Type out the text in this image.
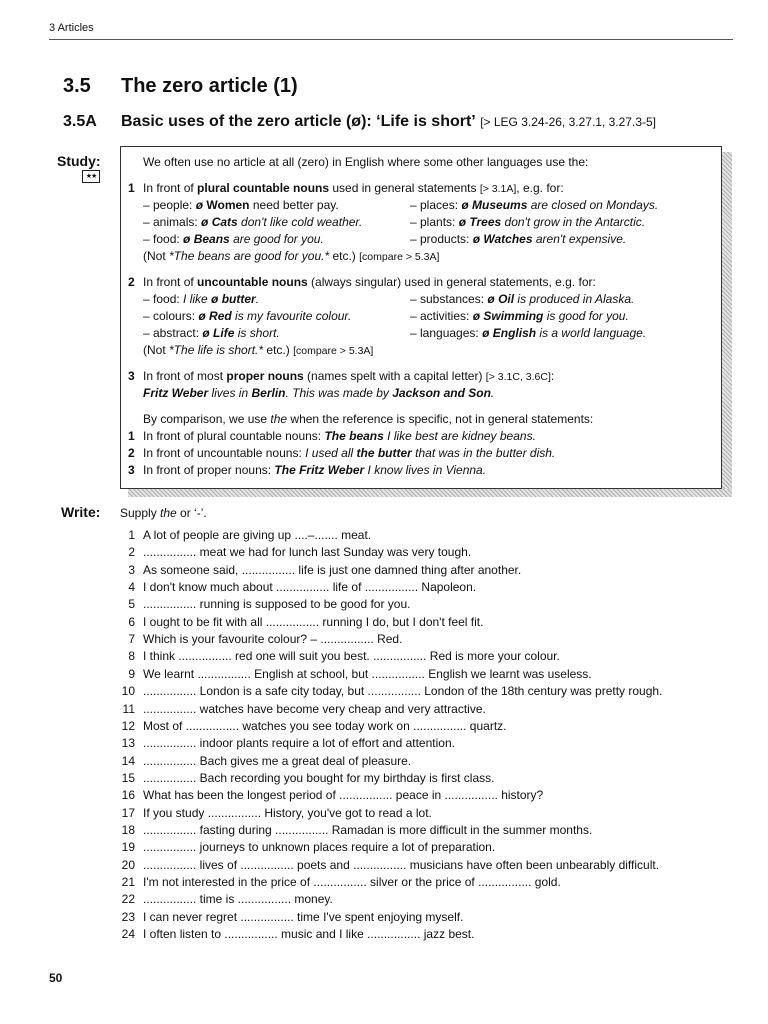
3 Articles
3.5 The zero article (1)
3.5A Basic uses of the zero article (ø): ‘Life is short’ [> LEG 3.24-26, 3.27.1, 3.27.3-5]
Study:
★★
We often use no article at all (zero) in English where some other languages use the:
1 In front of plural countable nouns used in general statements [> 3.1A], e.g. for:
– people: ø Women need better pay.	– places: ø Museums are closed on Mondays.
– animals: ø Cats don't like cold weather.	– plants: ø Trees don't grow in the Antarctic.
– food: ø Beans are good for you.	– products: ø Watches aren't expensive.
(Not *The beans are good for you.* etc.) [compare > 5.3A]
2 In front of uncountable nouns (always singular) used in general statements, e.g. for:
– food: I like ø butter.	– substances: ø Oil is produced in Alaska.
– colours: ø Red is my favourite colour.	– activities: ø Swimming is good for you.
– abstract: ø Life is short.	– languages: ø English is a world language.
(Not *The life is short.* etc.) [compare > 5.3A]
3 In front of most proper nouns (names spelt with a capital letter) [> 3.1C, 3.6C]:
Fritz Weber lives in Berlin. This was made by Jackson and Son.
By comparison, we use the when the reference is specific, not in general statements:
1 In front of plural countable nouns: The beans I like best are kidney beans.
2 In front of uncountable nouns: I used all the butter that was in the butter dish.
3 In front of proper nouns: The Fritz Weber I know lives in Vienna.
Write: Supply the or ‘-’.
1 A lot of people are giving up ....–....... meat.
2 ................ meat we had for lunch last Sunday was very tough.
3 As someone said, ................ life is just one damned thing after another.
4 I don't know much about ................ life of ................ Napoleon.
5 ................ running is supposed to be good for you.
6 I ought to be fit with all ................ running I do, but I don't feel fit.
7 Which is your favourite colour? – ................ Red.
8 I think ................ red one will suit you best. ................ Red is more your colour.
9 We learnt ................ English at school, but ................ English we learnt was useless.
10 ................ London is a safe city today, but ................ London of the 18th century was pretty rough.
11 ................ watches have become very cheap and very attractive.
12 Most of ................ watches you see today work on ................ quartz.
13 ................ indoor plants require a lot of effort and attention.
14 ................ Bach gives me a great deal of pleasure.
15 ................ Bach recording you bought for my birthday is first class.
16 What has been the longest period of ................ peace in ................ history?
17 If you study ................ History, you've got to read a lot.
18 ................ fasting during ................ Ramadan is more difficult in the summer months.
19 ................ journeys to unknown places require a lot of preparation.
20 ................ lives of ................ poets and ................ musicians have often been unbearably difficult.
21 I'm not interested in the price of ................ silver or the price of ................ gold.
22 ................ time is ................ money.
23 I can never regret ................ time I've spent enjoying myself.
24 I often listen to ................ music and I like ................ jazz best.
50
